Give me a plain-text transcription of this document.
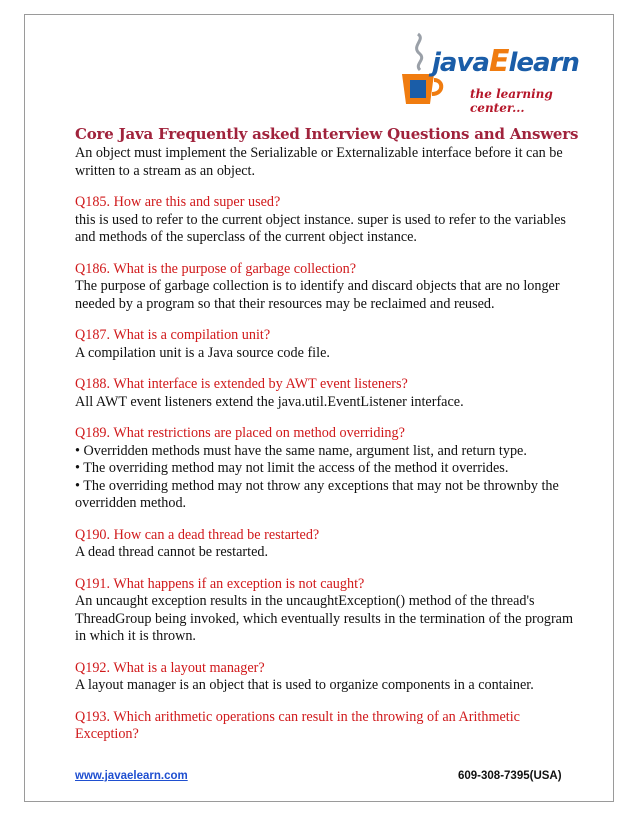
javaElearn
the learning center...
Core Java Frequently asked Interview Questions and Answers

An object must implement the Serializable or Externalizable interface before it can be written to a stream as an object.

Q185. How are this and super used?

this is used to refer to the current object instance. super is used to refer to the variables and methods of the superclass of the current object instance.

Q186. What is the purpose of garbage collection?

The purpose of garbage collection is to identify and discard objects that are no longer needed by a program so that their resources may be reclaimed and reused.

Q187. What is a compilation unit?

A compilation unit is a Java source code file.

Q188. What interface is extended by AWT event listeners?

All AWT event listeners extend the java.util.EventListener interface.

Q189. What restrictions are placed on method overriding?

• Overridden methods must have the same name, argument list, and return type.

• The overriding method may not limit the access of the method it overrides.

• The overriding method may not throw any exceptions that may not be thrownby the overridden method.

Q190. How can a dead thread be restarted?

A dead thread cannot be restarted.

Q191. What happens if an exception is not caught?

An uncaught exception results in the uncaughtException() method of the thread's ThreadGroup being invoked, which eventually results in the termination of the program in which it is thrown.

Q192. What is a layout manager?

A layout manager is an object that is used to organize components in a container.

Q193. Which arithmetic operations can result in the throwing of an Arithmetic Exception?

www.javaelearn.com	609-308-7395(USA)
